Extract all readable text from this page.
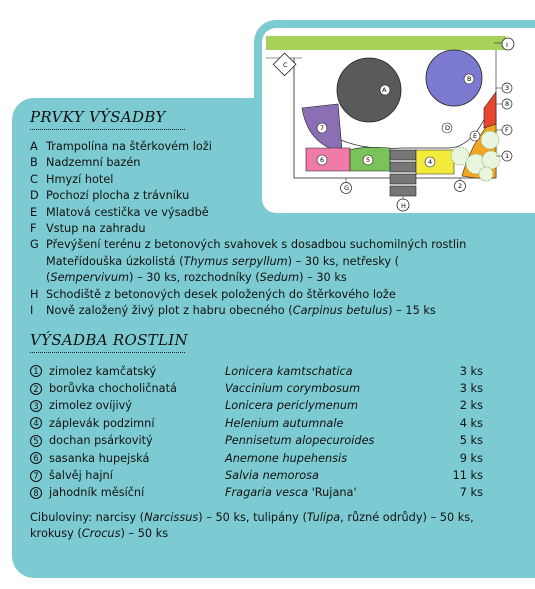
I
C
A
B
7
6	5
H
4
E
D
3
8
F
1
G	2
PRVKY VÝSADBY
A Trampolína na štěrkovém loži
B Nadzemní bazén
C Hmyzí hotel
D Pochozí plocha z trávníku
E Mlatová cestička ve výsadbě
F Vstup na zahradu
G Převýšení terénu z betonových svahovek s dosadbou suchomilných rostlin
Mateřídouška úzkolistá (Thymus serpyllum) – 30 ks, netřesky (
(Sempervivum) – 30 ks, rozchodníky (Sedum) – 30 ks
H Schodiště z betonových desek položených do štěrkového lože
I	Nově založený živý plot z habru obecného (Carpinus betulus) – 15 ks
VÝSADBA ROSTLIN
1 zimolez kamčatský	Lonicera kamtschatica	3 ks
2 borůvka chocholičnatá	Vaccinium corymbosum	3 ks
3 zimolez ovíjivý	Lonicera periclymenum	2 ks
4 záplevák podzimní	Helenium autumnale	4 ks
5 dochan psárkovitý	Pennisetum alopecuroides	5 ks
6 sasanka hupejská	Anemone hupehensis	9 ks
7 šalvěj hajní	Salvia nemorosa	11 ks
8 jahodník měsíční	Fragaria vesca 'Rujana'	7 ks
Cibuloviny: narcisy (Narcissus) – 50 ks, tulipány (Tulipa, různé odrůdy) – 50 ks, krokusy (Crocus) – 50 ks
